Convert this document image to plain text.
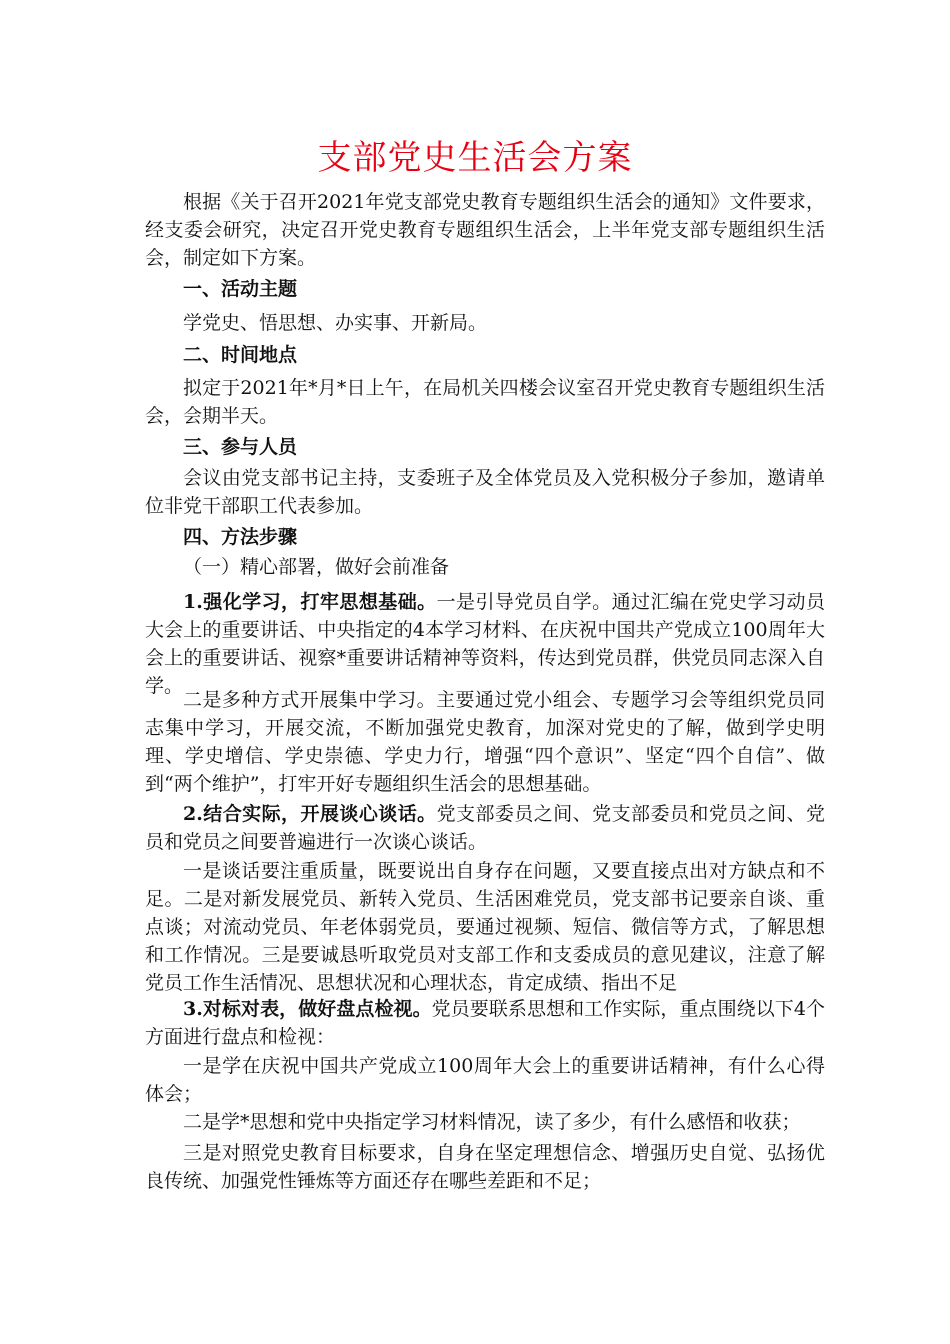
支部党史生活会方案

根据《关于召开2021年党支部党史教育专题组织生活会的通知》文件要求，经支委会研究，决定召开党史教育专题组织生活会，上半年党支部专题组织生活会，制定如下方案。

一、活动主题

学党史、悟思想、办实事、开新局。

二、时间地点

拟定于2021年*月*日上午，在局机关四楼会议室召开党史教育专题组织生活会，会期半天。

三、参与人员

会议由党支部书记主持，支委班子及全体党员及入党积极分子参加，邀请单位非党干部职工代表参加。

四、方法步骤

（一）精心部署，做好会前准备

1.强化学习，打牢思想基础。一是引导党员自学。通过汇编在党史学习动员大会上的重要讲话、中央指定的4本学习材料、在庆祝中国共产党成立100周年大会上的重要讲话、视察*重要讲话精神等资料，传达到党员群，供党员同志深入自学。

二是多种方式开展集中学习。主要通过党小组会、专题学习会等组织党员同志集中学习，开展交流，不断加强党史教育，加深对党史的了解，做到学史明理、学史增信、学史崇德、学史力行，增强“四个意识”、坚定“四个自信”、做到“两个维护”，打牢开好专题组织生活会的思想基础。

2.结合实际，开展谈心谈话。党支部委员之间、党支部委员和党员之间、党员和党员之间要普遍进行一次谈心谈话。

一是谈话要注重质量，既要说出自身存在问题，又要直接点出对方缺点和不足。二是对新发展党员、新转入党员、生活困难党员，党支部书记要亲自谈、重点谈；对流动党员、年老体弱党员，要通过视频、短信、微信等方式，了解思想和工作情况。三是要诚恳听取党员对支部工作和支委成员的意见建议，注意了解党员工作生活情况、思想状况和心理状态，肯定成绩、指出不足

3.对标对表，做好盘点检视。党员要联系思想和工作实际，重点围绕以下4个方面进行盘点和检视：

一是学在庆祝中国共产党成立100周年大会上的重要讲话精神，有什么心得体会；

二是学*思想和党中央指定学习材料情况，读了多少，有什么感悟和收获；

三是对照党史教育目标要求，自身在坚定理想信念、增强历史自觉、弘扬优良传统、加强党性锤炼等方面还存在哪些差距和不足；
